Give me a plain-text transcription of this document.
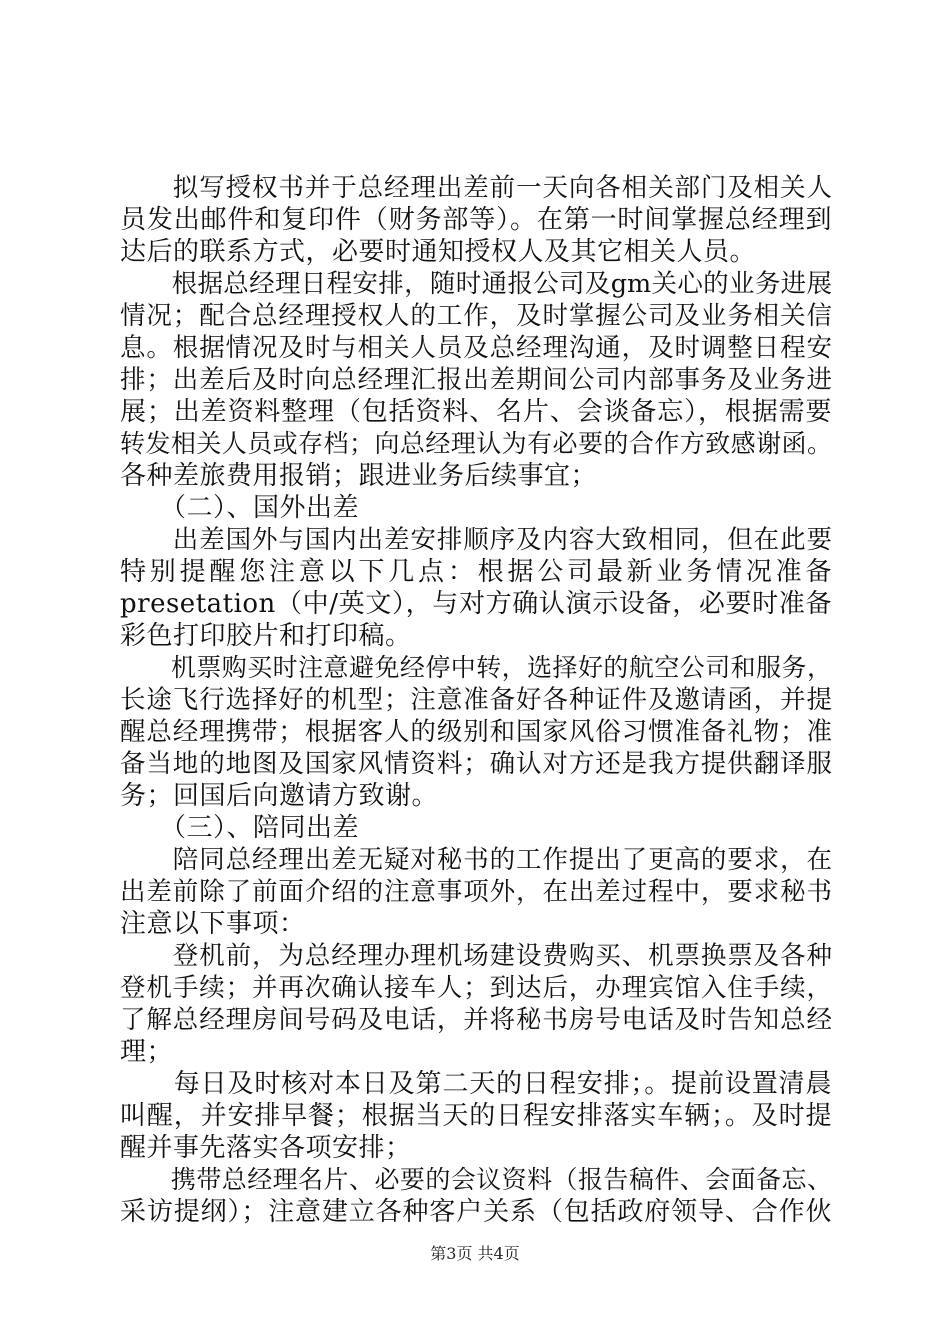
　　拟写授权书并于总经理出差前一天向各相关部门及相关人
员发出邮件和复印件（财务部等）。在第一时间掌握总经理到
达后的联系方式，必要时通知授权人及其它相关人员。
　　根据总经理日程安排，随时通报公司及gm关心的业务进展
情况；配合总经理授权人的工作，及时掌握公司及业务相关信
息。根据情况及时与相关人员及总经理沟通，及时调整日程安
排；出差后及时向总经理汇报出差期间公司内部事务及业务进
展；出差资料整理（包括资料、名片、会谈备忘），根据需要
转发相关人员或存档；向总经理认为有必要的合作方致感谢函。
各种差旅费用报销；跟进业务后续事宜；
　　（二）、国外出差
　　出差国外与国内出差安排顺序及内容大致相同，但在此要
特别提醒您注意以下几点：根据公司最新业务情况准备
presetation（中/英文），与对方确认演示设备，必要时准备
彩色打印胶片和打印稿。
　　机票购买时注意避免经停中转，选择好的航空公司和服务，
长途飞行选择好的机型；注意准备好各种证件及邀请函，并提
醒总经理携带；根据客人的级别和国家风俗习惯准备礼物；准
备当地的地图及国家风情资料；确认对方还是我方提供翻译服
务；回国后向邀请方致谢。
　　（三）、陪同出差
　　陪同总经理出差无疑对秘书的工作提出了更高的要求，在
出差前除了前面介绍的注意事项外，在出差过程中，要求秘书
注意以下事项：
　　登机前，为总经理办理机场建设费购买、机票换票及各种
登机手续；并再次确认接车人；到达后，办理宾馆入住手续，
了解总经理房间号码及电话，并将秘书房号电话及时告知总经
理；
　　每日及时核对本日及第二天的日程安排；。提前设置清晨
叫醒，并安排早餐；根据当天的日程安排落实车辆；。及时提
醒并事先落实各项安排；
　　携带总经理名片、必要的会议资料（报告稿件、会面备忘、
采访提纲）；注意建立各种客户关系（包括政府领导、合作伙
第3页 共4页
